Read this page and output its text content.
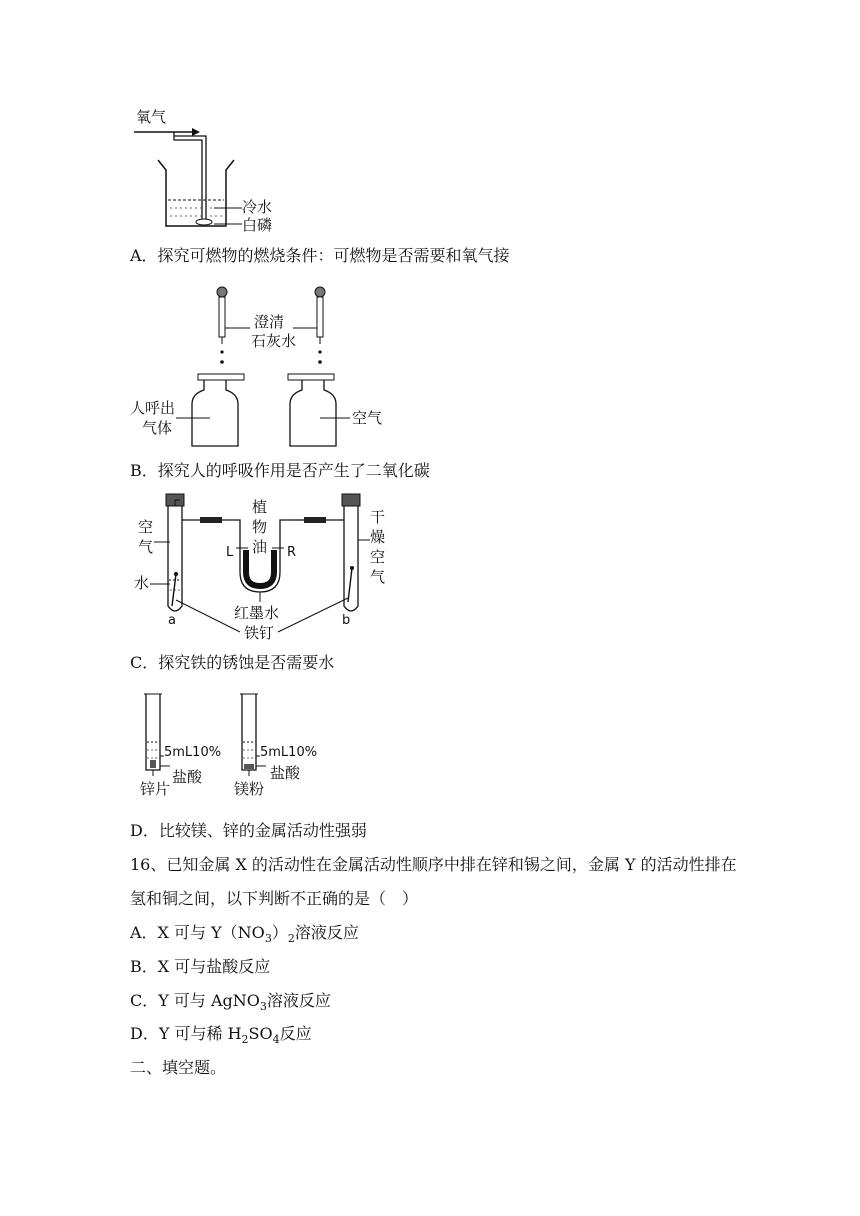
氧气
冷水
白磷
A．探究可燃物的燃烧条件：可燃物是否需要和氧气接
澄清
石灰水
人呼出
气体
空气
B．探究人的呼吸作用是否产生了二氧化碳
空
气
水
a	b
L	R
植
物
油
红墨水
铁钉
干
燥
空
气
C．探究铁的锈蚀是否需要水
5mL10%
盐酸
锌片
5mL10%
盐酸
镁粉
D．比较镁、锌的金属活动性强弱
16、已知金属 X 的活动性在金属活动性顺序中排在锌和锡之间，金属 Y 的活动性排在氢和铜之间，以下判断不正确的是（　）
A．X 可与 $Y(NO_3)_2$溶液反应
B．X 可与盐酸反应
C．Y 可与 AgNO$_3$溶液反应
D．Y 可与稀 $H_2SO_4$反应
二、填空题。
